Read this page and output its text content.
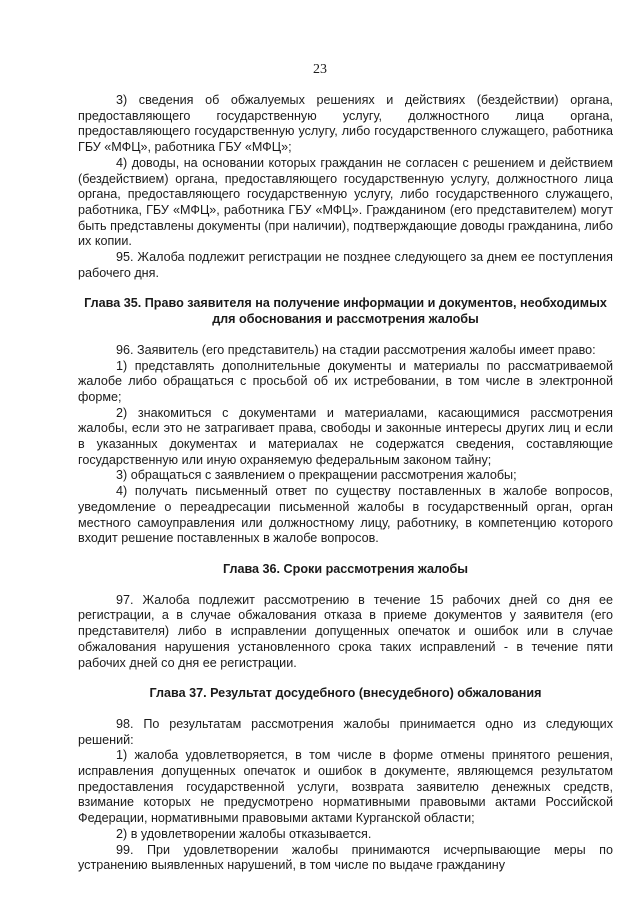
23

3) сведения об обжалуемых решениях и действиях (бездействии) органа, предоставляющего государственную услугу, должностного лица органа, предоставляющего государственную услугу, либо государственного служащего, работника ГБУ «МФЦ», работника ГБУ «МФЦ»;

4) доводы, на основании которых гражданин не согласен с решением и действием (бездействием) органа, предоставляющего государственную услугу, должностного лица органа, предоставляющего государственную услугу, либо государственного служащего, работника, ГБУ «МФЦ», работника ГБУ «МФЦ». Гражданином (его представителем) могут быть представлены документы (при наличии), подтверждающие доводы гражданина, либо их копии.

95. Жалоба подлежит регистрации не позднее следующего за днем ее поступления рабочего дня.

Глава 35. Право заявителя на получение информации и документов, необходимых для обоснования и рассмотрения жалобы

96. Заявитель (его представитель) на стадии рассмотрения жалобы имеет право:

1) представлять дополнительные документы и материалы по рассматриваемой жалобе либо обращаться с просьбой об их истребовании, в том числе в электронной форме;

2) знакомиться с документами и материалами, касающимися рассмотрения жалобы, если это не затрагивает права, свободы и законные интересы других лиц и если в указанных документах и материалах не содержатся сведения, составляющие государственную или иную охраняемую федеральным законом тайну;

3) обращаться с заявлением о прекращении рассмотрения жалобы;

4) получать письменный ответ по существу поставленных в жалобе вопросов, уведомление о переадресации письменной жалобы в государственный орган, орган местного самоуправления или должностному лицу, работнику, в компетенцию которого входит решение поставленных в жалобе вопросов.

Глава 36. Сроки рассмотрения жалобы

97. Жалоба подлежит рассмотрению в течение 15 рабочих дней со дня ее регистрации, а в случае обжалования отказа в приеме документов у заявителя (его представителя) либо в исправлении допущенных опечаток и ошибок или в случае обжалования нарушения установленного срока таких исправлений - в течение пяти рабочих дней со дня ее регистрации.

Глава 37. Результат досудебного (внесудебного) обжалования

98. По результатам рассмотрения жалобы принимается одно из следующих решений:

1) жалоба удовлетворяется, в том числе в форме отмены принятого решения, исправления допущенных опечаток и ошибок в документе, являющемся результатом предоставления государственной услуги, возврата заявителю денежных средств, взимание которых не предусмотрено нормативными правовыми актами Российской Федерации, нормативными правовыми актами Курганской области;

2) в удовлетворении жалобы отказывается.

99. При удовлетворении жалобы принимаются исчерпывающие меры по устранению выявленных нарушений, в том числе по выдаче гражданину
